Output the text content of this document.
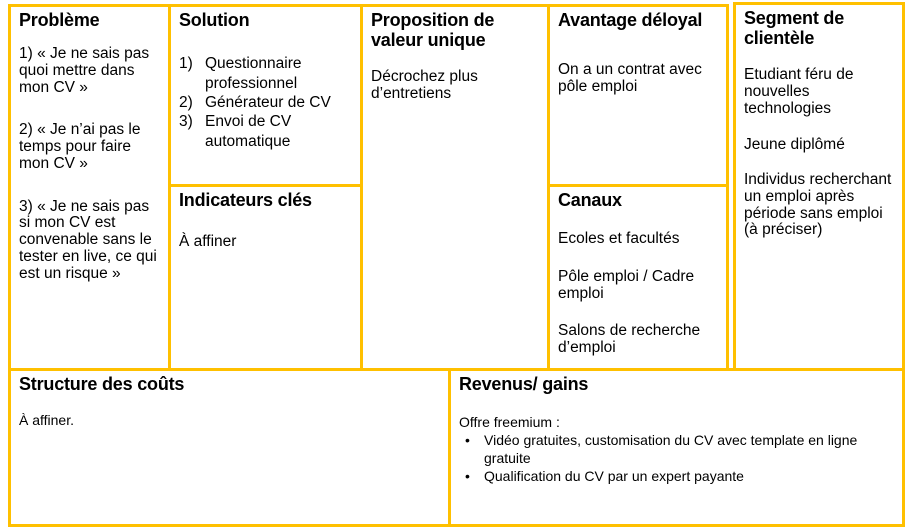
Problème

1) « Je ne sais pas quoi mettre dans mon CV »

2) « Je n’ai pas le temps pour faire mon CV »

3) « Je ne sais pas si mon CV est convenable sans le tester en live, ce qui est un risque »

Solution
1) Questionnaire professionnel
2) Générateur de CV
3) Envoi de CV automatique
Indicateurs clés

À affiner

Proposition de valeur unique

Décrochez plus d’entretiens

Avantage déloyal

On a un contrat avec pôle emploi

Canaux

Ecoles et facultés

Pôle emploi / Cadre emploi

Salons de recherche d’emploi

Segment de clientèle

Etudiant féru de nouvelles technologies

Jeune diplômé

Individus recherchant un emploi après période sans emploi (à préciser)

Structure des coûts

À affiner.

Revenus/ gains

Offre freemium :

•	Vidéo gratuites, customisation du CV avec template en ligne gratuite
•	Qualification du CV par un expert payante
